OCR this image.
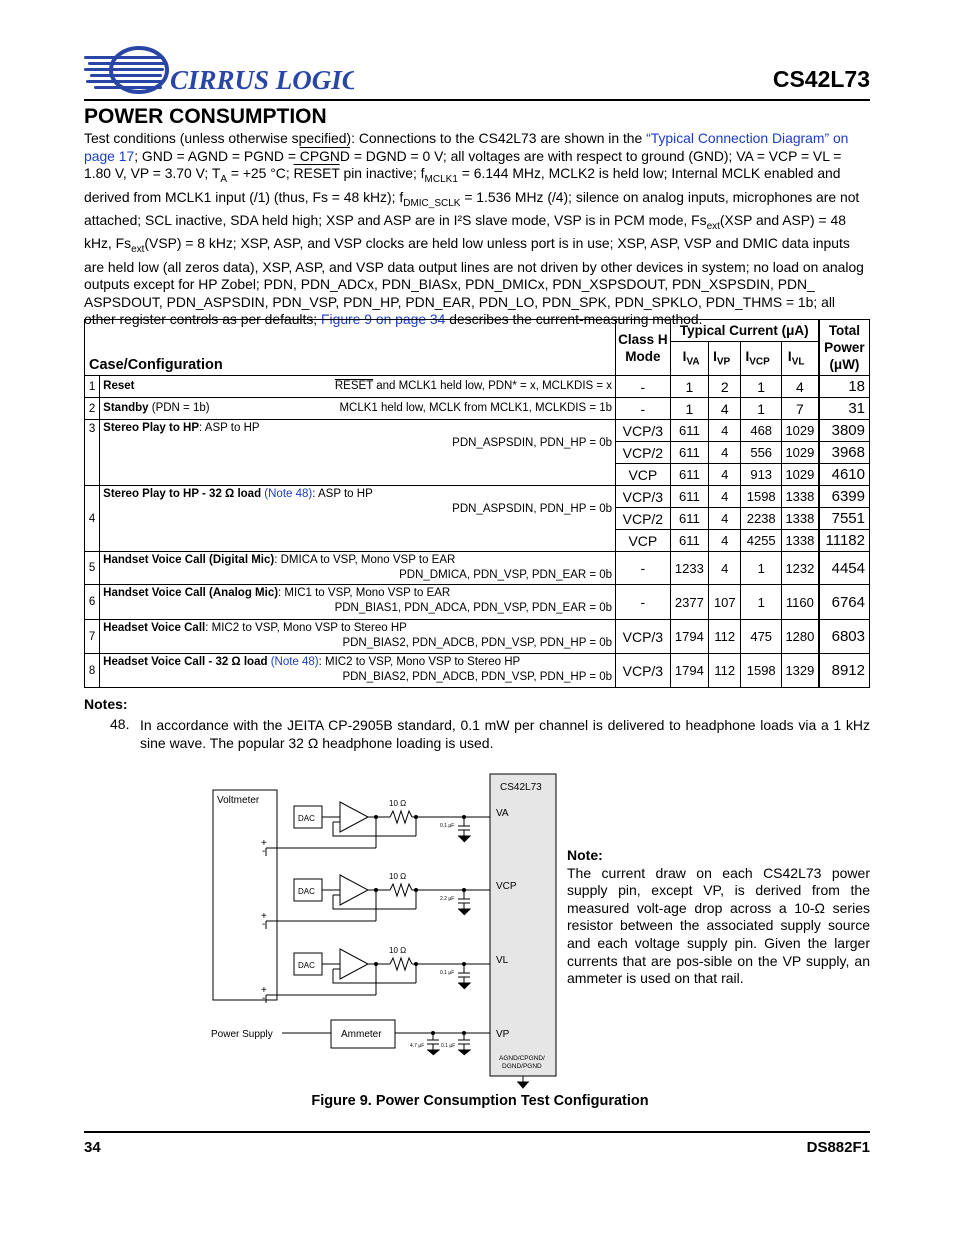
CIRRUS LOGIC	CS42L73
POWER CONSUMPTION
Test conditions (unless otherwise specified): Connections to the CS42L73 are shown in the “Typical Connection Diagram” on page 17; GND = AGND = PGND = CPGND = DGND = 0 V; all voltages are with respect to ground (GND); VA = VCP = VL = 1.80 V, VP = 3.70 V; $T_A = +25$ °C; RESET pin inactive; $f_{MCLK1} = 6.144$ MHz, MCLK2 is held low; Internal MCLK enabled and derived from MCLK1 input (/1) (thus, Fs = 48 kHz); $f_{DMIC\_SCLK} = 1.536$ MHz (/4); silence on analog inputs, microphones are not attached; SCL inactive, SDA held high; XSP and ASP are in I²S slave mode, VSP is in PCM mode, $Fs_{ext}(XSP$ and ASP) = 48 kHz, $Fs_{ext}(VSP) = 8$ kHz; XSP, ASP, and VSP clocks are held low unless port is in use; XSP, ASP, VSP and DMIC data inputs are held low (all zeros data), XSP, ASP, and VSP data output lines are not driven by other devices in system; no load on analog outputs except for HP Zobel; PDN, PDN_ADCx, PDN_BIASx, PDN_DMICx, PDN_XSPSDOUT, PDN_XSPSDIN, PDN_ ASPSDOUT, PDN_ASPSDIN, PDN_VSP, PDN_HP, PDN_EAR, PDN_LO, PDN_SPK, PDN_SPKLO, PDN_THMS = 1b; all other register controls as per defaults; Figure 9 on page 34 describes the current-measuring method.
Case/Configuration		Class H Mode	Typical Current (μA)				Total Power (μW)
			$I_{VA}$	$I_{VP}$	$I_{VCP}$	$I_{VL}$
1	Reset RESET and MCLK1 held low, PDN* = x, MCLKDIS = x	-	1	2	1	4	18
2	Standby (PDN = 1b) MCLK1 held low, MCLK from MCLK1, MCLKDIS = 1b	-	1	4	1	7	31
3	Stereo Play to HP: ASP to HP
PDN_ASPSDIN, PDN_HP = 0b	VCP/3	611	4	468	1029	3809
		VCP/2	611	4	556	1029	3968
		VCP	611	4	913	1029	4610
4	Stereo Play to HP - 32 Ω load (Note 48): ASP to HP
PDN_ASPSDIN, PDN_HP = 0b	VCP/3	611	4	1598	1338	6399
		VCP/2	611	4	2238	1338	7551
		VCP	611	4	4255	1338	11182
5	Handset Voice Call (Digital Mic): DMICA to VSP, Mono VSP to EAR
PDN_DMICA, PDN_VSP, PDN_EAR = 0b	-	1233	4	1	1232	4454
6	Handset Voice Call (Analog Mic): MIC1 to VSP, Mono VSP to EAR
PDN_BIAS1, PDN_ADCA, PDN_VSP, PDN_EAR = 0b	-	2377	107	1	1160	6764
7	Headset Voice Call: MIC2 to VSP, Mono VSP to Stereo HP
PDN_BIAS2, PDN_ADCB, PDN_VSP, PDN_HP = 0b	VCP/3	1794	112	475	1280	6803
8	Headset Voice Call - 32 Ω load (Note 48): MIC2 to VSP, Mono VSP to Stereo HP
PDN_BIAS2, PDN_ADCB, PDN_VSP, PDN_HP = 0b	VCP/3	1794	112	1598	1329	8912
Notes:
48. In accordance with the JEITA CP-2905B standard, 0.1 mW per channel is delivered to headphone loads via a 1 kHz sine wave. The popular 32 Ω headphone loading is used.
CS42L73
Voltmeter
DAC
10 Ω
0.1 µF
VA
+
-
DAC
10 Ω
2.2 µF
VCP
+
-
DAC
10 Ω
0.1 µF
VL
+
-
Power Supply	Ammeter
4.7 µF	0.1 µF
VP
AGND/CPGND/
DGND/PGND
Note:
The current draw on each CS42L73 power supply pin, except VP, is derived from the measured volt-age drop across a 10-Ω series resistor between the associated supply source and each voltage supply pin. Given the larger currents that are pos-sible on the VP supply, an ammeter is used on that rail.
Figure 9. Power Consumption Test Configuration
34	DS882F1
